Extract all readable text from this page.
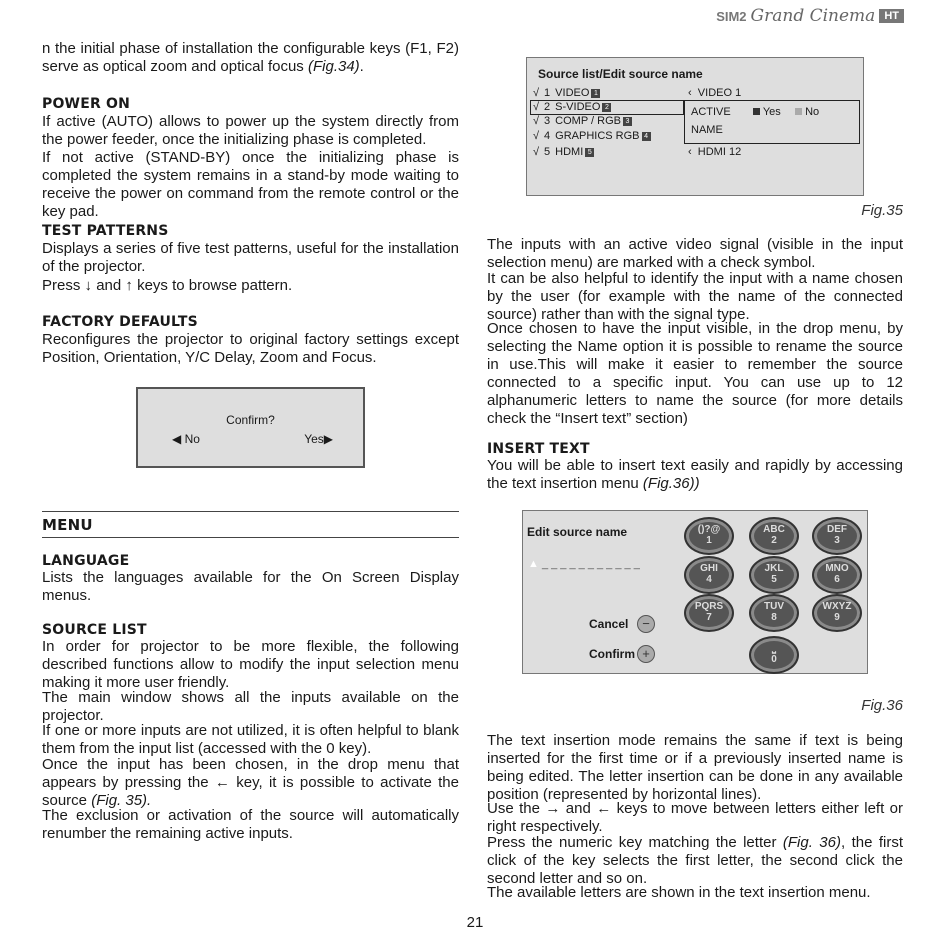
SIM2 Grand Cinema HT

n the initial phase of installation the configurable keys (F1, F2) serve as optical zoom and optical focus (Fig.34).

POWER ON

If active (AUTO) allows to power up the system directly from the power feeder, once the initializing phase is completed.

If not active (STAND-BY) once the initializing phase is completed the system remains in a stand-by mode waiting to receive the power on command from the remote control or the key pad.

TEST PATTERNS

Displays a series of five test patterns, useful for the installation of the projector.

Press ↓ and ↑ keys to browse pattern.

FACTORY DEFAULTS

Reconfigures the projector to original factory settings except Position, Orientation, Y/C Delay, Zoom and Focus.

Confirm?
◀ No	Yes▶
MENU
LANGUAGE

Lists the languages available for the On Screen Display menus.

SOURCE LIST

In order for projector to be more flexible, the following described functions allow to modify the input selection menu making it more user friendly.

The main window shows all the inputs available on the projector.

If one or more inputs are not utilized, it is often helpful to blank them from the input list (accessed with the 0 key).

Once the input has been chosen, in the drop menu that appears by pressing the ← key, it is possible to activate the source (Fig. 35).

The exclusion or activation of the source will automatically renumber the remaining active inputs.

Source list/Edit source name
√ 1 VIDEO 1
√ 2 S-VIDEO 2
√ 3 COMP / RGB 3
√ 4 GRAPHICS RGB 4
√ 5 HDMI 5
‹ VIDEO 1
ACTIVE	Yes	No
NAME
‹ HDMI 12
Fig.35

The inputs with an active video signal (visible in the input selection menu) are marked with a check symbol.

It can be also helpful to identify the input with a name chosen by the user (for example with the name of the connected source) rather than with the signal type.

Once chosen to have the input visible, in the drop menu, by selecting the Name option it is possible to rename the source in use.This will make it easier to remember the source connected to a specific input. You can use up to 12 alphanumeric letters to name the source (for more details check the “Insert text” section)

INSERT TEXT

You will be able to insert text easily and rapidly by accessing the text insertion menu (Fig.36))

Edit source name
▲ _ _ _ _ _ _ _ _ _ _ _
Cancel	−
Confirm +
()?@
1
ABC
2
DEF
3
GHI
4
JKL
5
MNO
6
PQRS
7
TUV
8
WXYZ
9
⎵
0
Fig.36

The text insertion mode remains the same if text is being inserted for the first time or if a previously inserted name is being edited. The letter insertion can be done in any available position (represented by horizontal lines).

Use the → and ← keys to move between letters either left or right respectively.

Press the numeric key matching the letter (Fig. 36), the first click of the key selects the first letter, the second click the second letter and so on.

The available letters are shown in the text insertion menu.

21
